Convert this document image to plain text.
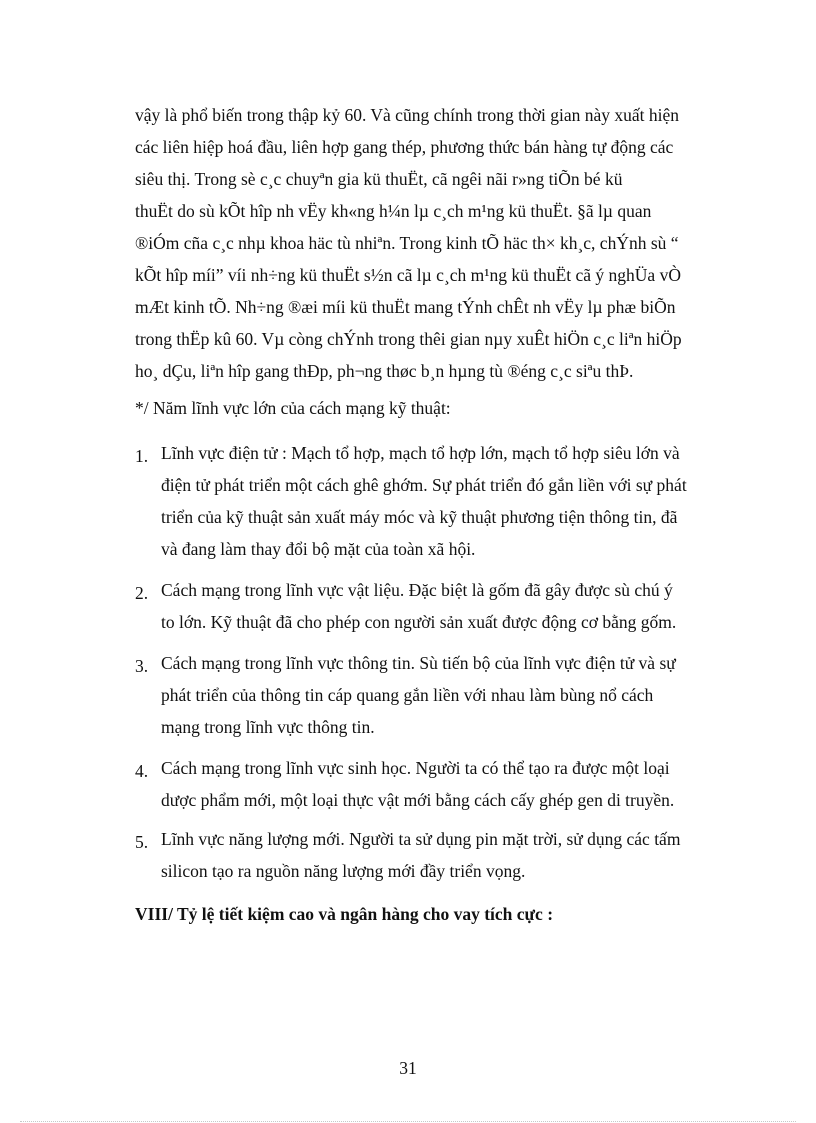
vậy là phổ biến trong thập kỷ 60. Và cũng chính trong thời gian này xuất hiện
các liên hiệp hoá đầu, liên hợp gang thép, phương thức bán hàng tự động các
siêu thị. Trong sè c¸c chuyªn gia kü thuËt, cã ngêi nãi r»ng tiÕn bé kü
thuËt do sù kÕt hîp nh vËy kh«ng h¼n lµ c¸ch m¹ng kü thuËt. §ã lµ quan
®iÓm cña c¸c nhµ khoa häc tù nhiªn. Trong kinh tÕ häc th× kh¸c, chÝnh sù “
kÕt hîp míi” víi nh÷ng kü thuËt s½n cã lµ c¸ch m¹ng kü thuËt cã ý nghÜa vÒ
mÆt kinh tÕ. Nh÷ng ®æi míi kü thuËt mang tÝnh chÊt nh vËy lµ phæ biÕn
trong thËp kû 60. Vµ còng chÝnh trong thêi gian nµy xuÊt hiÖn c¸c liªn hiÖp
ho¸ dÇu, liªn hîp gang thÐp, ph¬ng thøc b¸n hµng tù ®éng c¸c siªu thÞ.
*/ Năm lĩnh vực lớn của cách mạng kỹ thuật:
1. Lĩnh vực điện tử : Mạch tổ hợp, mạch tổ hợp lớn, mạch tổ hợp siêu lớn và
điện tử phát triển một cách ghê ghớm. Sự phát triển đó gắn liền với sự phát
triển của kỹ thuật sản xuất máy móc và kỹ thuật phương tiện thông tin, đã
và đang làm thay đổi bộ mặt của toàn xã hội.
2. Cách mạng trong lĩnh vực vật liệu. Đặc biệt là gốm đã gây được sù chú ý
to lớn. Kỹ thuật đã cho phép con người sản xuất được động cơ bằng gốm.
3. Cách mạng trong lĩnh vực thông tin. Sù tiến bộ của lĩnh vực điện tử và sự
phát triển của thông tin cáp quang gắn liền với nhau làm bùng nổ cách
mạng trong lĩnh vực thông tin.
4. Cách mạng trong lĩnh vực sinh học. Người ta có thể tạo ra được một loại
dược phẩm mới, một loại thực vật mới bằng cách cấy ghép gen di truyền.
5. Lĩnh vực năng lượng mới. Người ta sử dụng pin mặt trời, sử dụng các tấm
silicon tạo ra nguồn năng lượng mới đầy triển vọng.
VIII/ Tỷ lệ tiết kiệm cao và ngân hàng cho vay tích cực :
31
